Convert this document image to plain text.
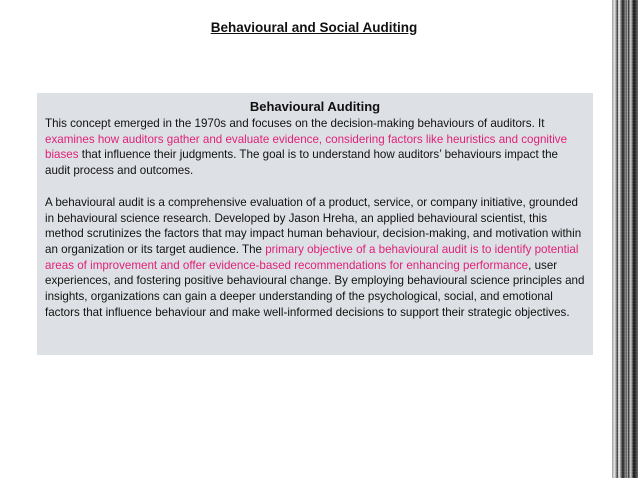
Behavioural and Social Auditing
Behavioural Auditing

This concept emerged in the 1970s and focuses on the decision-making behaviours of auditors. It examines how auditors gather and evaluate evidence, considering factors like heuristics and cognitive biases that influence their judgments. The goal is to understand how auditors’ behaviours impact the audit process and outcomes.

A behavioural audit is a comprehensive evaluation of a product, service, or company initiative, grounded in behavioural science research. Developed by Jason Hreha, an applied behavioural scientist, this method scrutinizes the factors that may impact human behaviour, decision-making, and motivation within an organization or its target audience. The primary objective of a behavioural audit is to identify potential areas of improvement and offer evidence-based recommendations for enhancing performance, user experiences, and fostering positive behavioural change. By employing behavioural science principles and insights, organizations can gain a deeper understanding of the psychological, social, and emotional factors that influence behaviour and make well-informed decisions to support their strategic objectives.
